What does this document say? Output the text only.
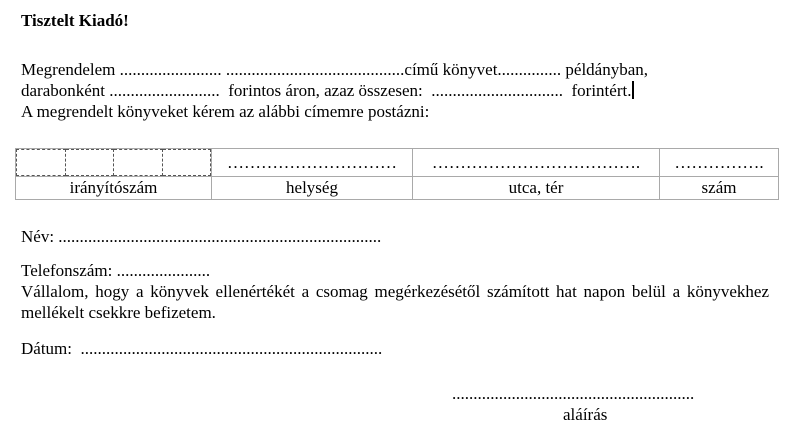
Tisztelt Kiadó!
Megrendelem ........................ ..........................................című könyvet............... példányban,
darabonként ..........................  forintos áron, azaz összesen:  ...............................  forintért.
A megrendelt könyveket kérem az alábbi címemre postázni:
	…………………………	……………………………….	…………….
irányítószám	helység	utca, tér	szám
Név: ............................................................................
Telefonszám: ......................
Vállalom, hogy a könyvek ellenértékét a csomag megérkezésétől számított hat napon belül a könyvekhez mellékelt csekkre befizetem.
Dátum:  .......................................................................
.........................................................
aláírás
